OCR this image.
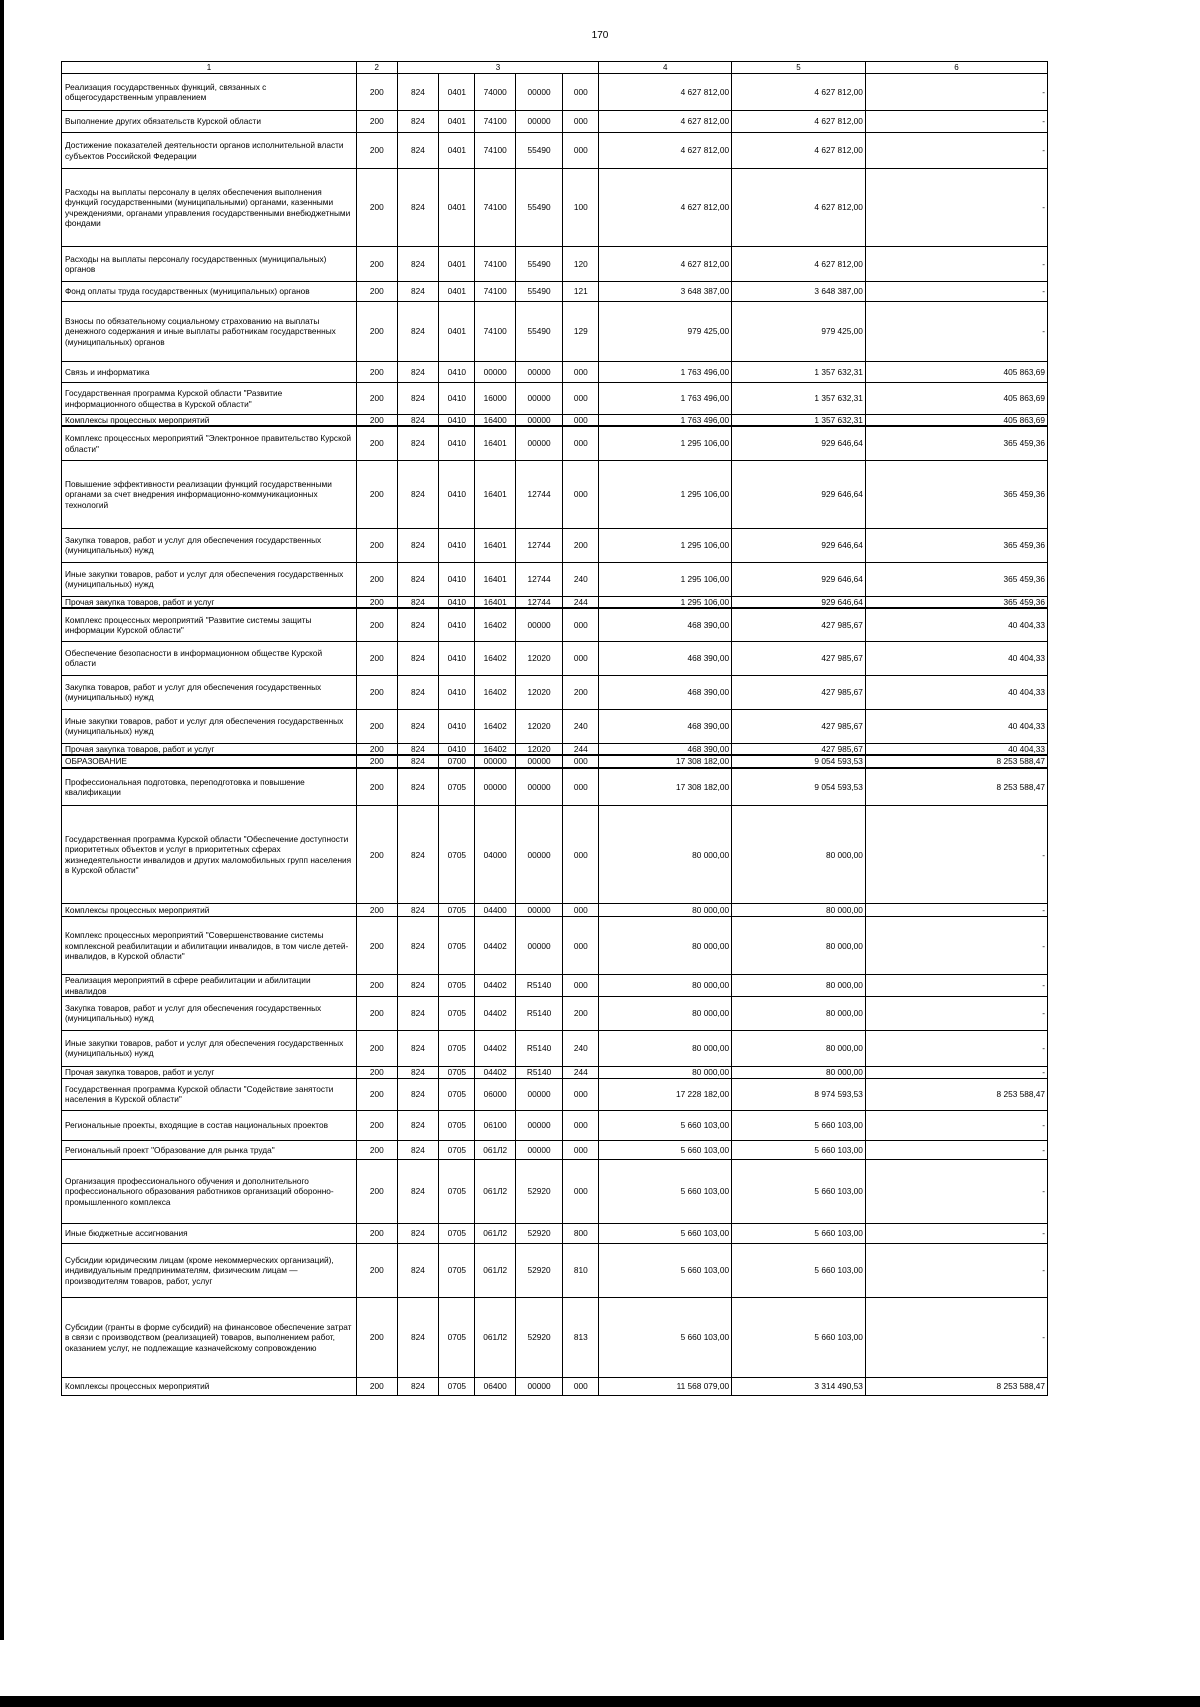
170
1	2	3					4	5	6
Реализация государственных функций, связанных с общегосударственным управлением	200	824	0401	74000	00000	000	4 627 812,00	4 627 812,00	-
Выполнение других обязательств Курской области	200	824	0401	74100	00000	000	4 627 812,00	4 627 812,00	-
Достижение показателей деятельности органов исполнительной власти субъектов Российской Федерации	200	824	0401	74100	55490	000	4 627 812,00	4 627 812,00	-
Расходы на выплаты персоналу в целях обеспечения выполнения функций государственными (муниципальными) органами, казенными учреждениями, органами управления государственными внебюджетными фондами	200	824	0401	74100	55490	100	4 627 812,00	4 627 812,00	-
Расходы на выплаты персоналу государственных (муниципальных) органов	200	824	0401	74100	55490	120	4 627 812,00	4 627 812,00	-
Фонд оплаты труда государственных (муниципальных) органов	200	824	0401	74100	55490	121	3 648 387,00	3 648 387,00	-
Взносы по обязательному социальному страхованию на выплаты денежного содержания и иные выплаты работникам государственных (муниципальных) органов	200	824	0401	74100	55490	129	979 425,00	979 425,00	-
Связь и информатика	200	824	0410	00000	00000	000	1 763 496,00	1 357 632,31	405 863,69
Государственная программа Курской области "Развитие информационного общества в Курской области"	200	824	0410	16000	00000	000	1 763 496,00	1 357 632,31	405 863,69
Комплексы процессных мероприятий	200	824	0410	16400	00000	000	1 763 496,00	1 357 632,31	405 863,69
Комплекс процессных мероприятий "Электронное правительство Курской области"	200	824	0410	16401	00000	000	1 295 106,00	929 646,64	365 459,36
Повышение эффективности реализации функций государственными органами за счет внедрения информационно-коммуникационных технологий	200	824	0410	16401	12744	000	1 295 106,00	929 646,64	365 459,36
Закупка товаров, работ и услуг для обеспечения государственных (муниципальных) нужд	200	824	0410	16401	12744	200	1 295 106,00	929 646,64	365 459,36
Иные закупки товаров, работ и услуг для обеспечения государственных (муниципальных) нужд	200	824	0410	16401	12744	240	1 295 106,00	929 646,64	365 459,36
Прочая закупка товаров, работ и услуг	200	824	0410	16401	12744	244	1 295 106,00	929 646,64	365 459,36
Комплекс процессных мероприятий "Развитие системы защиты информации Курской области"	200	824	0410	16402	00000	000	468 390,00	427 985,67	40 404,33
Обеспечение безопасности в информационном обществе Курской области	200	824	0410	16402	12020	000	468 390,00	427 985,67	40 404,33
Закупка товаров, работ и услуг для обеспечения государственных (муниципальных) нужд	200	824	0410	16402	12020	200	468 390,00	427 985,67	40 404,33
Иные закупки товаров, работ и услуг для обеспечения государственных (муниципальных) нужд	200	824	0410	16402	12020	240	468 390,00	427 985,67	40 404,33
Прочая закупка товаров, работ и услуг	200	824	0410	16402	12020	244	468 390,00	427 985,67	40 404,33
ОБРАЗОВАНИЕ	200	824	0700	00000	00000	000	17 308 182,00	9 054 593,53	8 253 588,47
Профессиональная подготовка, переподготовка и повышение квалификации	200	824	0705	00000	00000	000	17 308 182,00	9 054 593,53	8 253 588,47
Государственная программа Курской области "Обеспечение доступности приоритетных объектов и услуг в приоритетных сферах жизнедеятельности инвалидов и других маломобильных групп населения в Курской области"	200	824	0705	04000	00000	000	80 000,00	80 000,00	-
Комплексы процессных мероприятий	200	824	0705	04400	00000	000	80 000,00	80 000,00	-
Комплекс процессных мероприятий "Совершенствование системы комплексной реабилитации и абилитации инвалидов, в том числе детей-инвалидов, в Курской области"	200	824	0705	04402	00000	000	80 000,00	80 000,00	-
Реализация мероприятий в сфере реабилитации и абилитации инвалидов	200	824	0705	04402	R5140	000	80 000,00	80 000,00	-
Закупка товаров, работ и услуг для обеспечения государственных (муниципальных) нужд	200	824	0705	04402	R5140	200	80 000,00	80 000,00	-
Иные закупки товаров, работ и услуг для обеспечения государственных (муниципальных) нужд	200	824	0705	04402	R5140	240	80 000,00	80 000,00	-
Прочая закупка товаров, работ и услуг	200	824	0705	04402	R5140	244	80 000,00	80 000,00	-
Государственная программа Курской области "Содействие занятости населения в Курской области"	200	824	0705	06000	00000	000	17 228 182,00	8 974 593,53	8 253 588,47
Региональные проекты, входящие в состав национальных проектов	200	824	0705	06100	00000	000	5 660 103,00	5 660 103,00	-
Региональный проект "Образование для рынка труда"	200	824	0705	061Л2	00000	000	5 660 103,00	5 660 103,00	-
Организация профессионального обучения и дополнительного профессионального образования работников организаций оборонно-промышленного комплекса	200	824	0705	061Л2	52920	000	5 660 103,00	5 660 103,00	-
Иные бюджетные ассигнования	200	824	0705	061Л2	52920	800	5 660 103,00	5 660 103,00	-
Субсидии юридическим лицам (кроме некоммерческих организаций), индивидуальным предпринимателям, физическим лицам — производителям товаров, работ, услуг	200	824	0705	061Л2	52920	810	5 660 103,00	5 660 103,00	-
Субсидии (гранты в форме субсидий) на финансовое обеспечение затрат в связи с производством (реализацией) товаров, выполнением работ, оказанием услуг, не подлежащие казначейскому сопровождению	200	824	0705	061Л2	52920	813	5 660 103,00	5 660 103,00	-
Комплексы процессных мероприятий	200	824	0705	06400	00000	000	11 568 079,00	3 314 490,53	8 253 588,47
